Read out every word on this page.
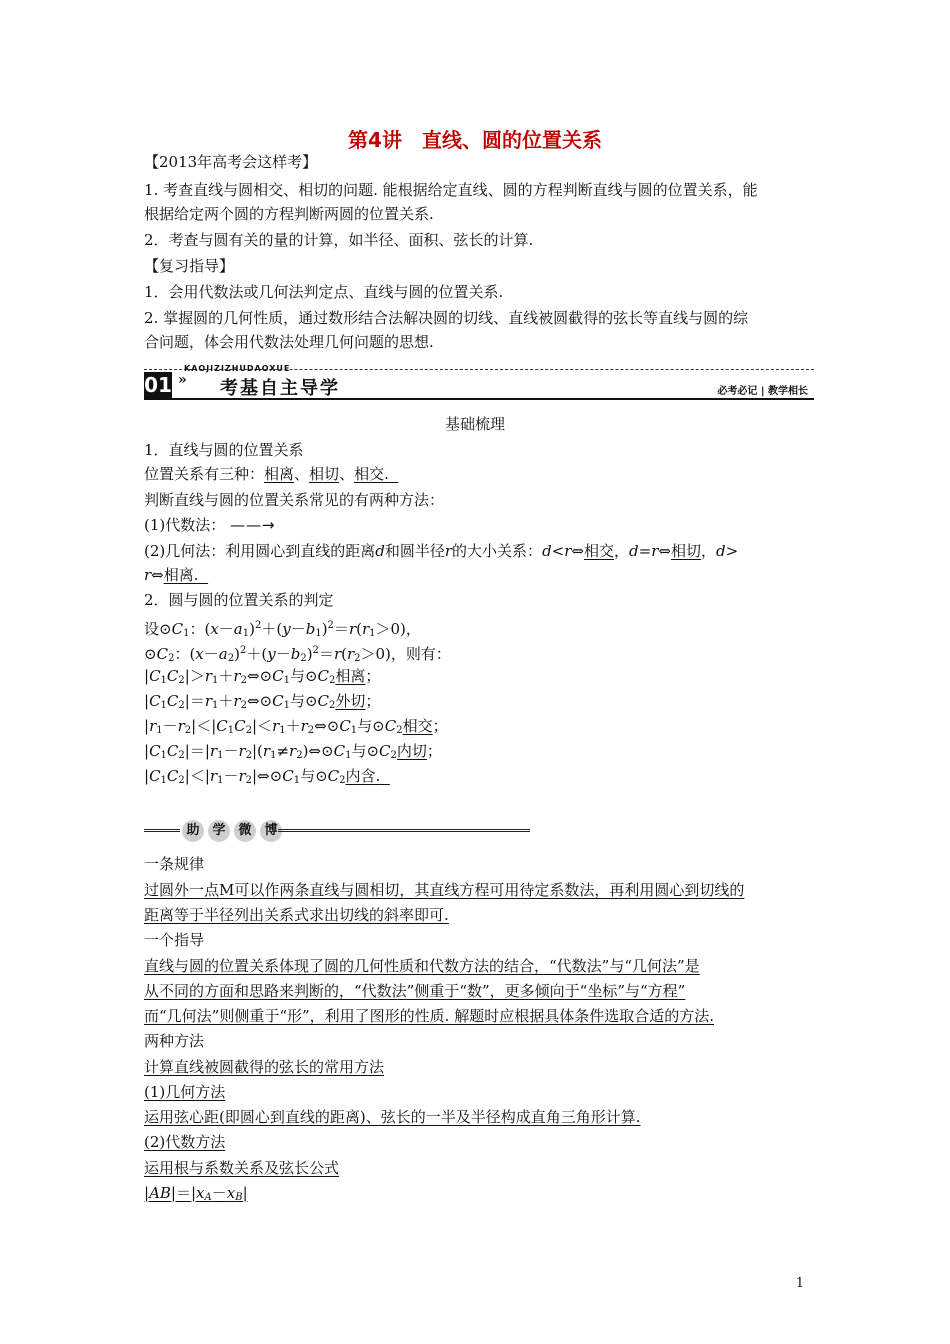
第4讲　直线、圆的位置关系
【2013年高考会这样考】
1. 考查直线与圆相交、相切的问题. 能根据给定直线、圆的方程判断直线与圆的位置关系，能
根据给定两个圆的方程判断两圆的位置关系.
2．考查与圆有关的量的计算，如半径、面积、弦长的计算.
【复习指导】
1．会用代数法或几何法判定点、直线与圆的位置关系.
2. 掌握圆的几何性质，通过数形结合法解决圆的切线、直线被圆截得的弦长等直线与圆的综
合问题，体会用代数法处理几何问题的思想.
KAOJIZIZHUDAOXUE
01 » 考基自主导学	必考必记 | 教学相长
基础梳理
1．直线与圆的位置关系
位置关系有三种：相离、相切、相交.
判断直线与圆的位置关系常见的有两种方法：
(1)代数法： ——→
(2)几何法：利用圆心到直线的距离d和圆半径r的大小关系：d<r⇔相交，d=r⇔相切，d>
r⇔相离.
2．圆与圆的位置关系的判定
设$⊙C_1$：$(x-a_1)^2+(y-b_1)^2=r(r_1>0)$，
$⊙C_2$：$(x-a_2)^2+(y-b_2)^2=r(r_2>0)$，则有：
$|C_1C_2|>r_1+r_2\Leftrightarrow⊙C_1$与$⊙C_2$相离；
$|C_1C_2|=r_1+r_2\Leftrightarrow⊙C_1$与$⊙C_2$外切；
$|r_1-r_2|<|C_1C_2|<r_1+r_2\Leftrightarrow⊙C_1$与$⊙C_2$相交；
$|C_1C_2|=|r_1-r_2|(r_1\ne r_2)\Leftrightarrow⊙C_1$与$⊙C_2$内切；
$|C_1C_2|<|r_1-r_2|\Leftrightarrow⊙C_1$与$⊙C_2$内含.
助 学 微 博
一条规律
过圆外一点M可以作两条直线与圆相切，其直线方程可用待定系数法，再利用圆心到切线的
距离等于半径列出关系式求出切线的斜率即可.
一个指导
直线与圆的位置关系体现了圆的几何性质和代数方法的结合，“代数法”与“几何法”是
从不同的方面和思路来判断的，“代数法”侧重于“数”，更多倾向于“坐标”与“方程”
而“几何法”则侧重于“形”，利用了图形的性质. 解题时应根据具体条件选取合适的方法.
两种方法
计算直线被圆截得的弦长的常用方法
(1)几何方法
运用弦心距(即圆心到直线的距离)、弦长的一半及半径构成直角三角形计算.
(2)代数方法
运用根与系数关系及弦长公式
$|AB|=|x_A-x_B|$
1
